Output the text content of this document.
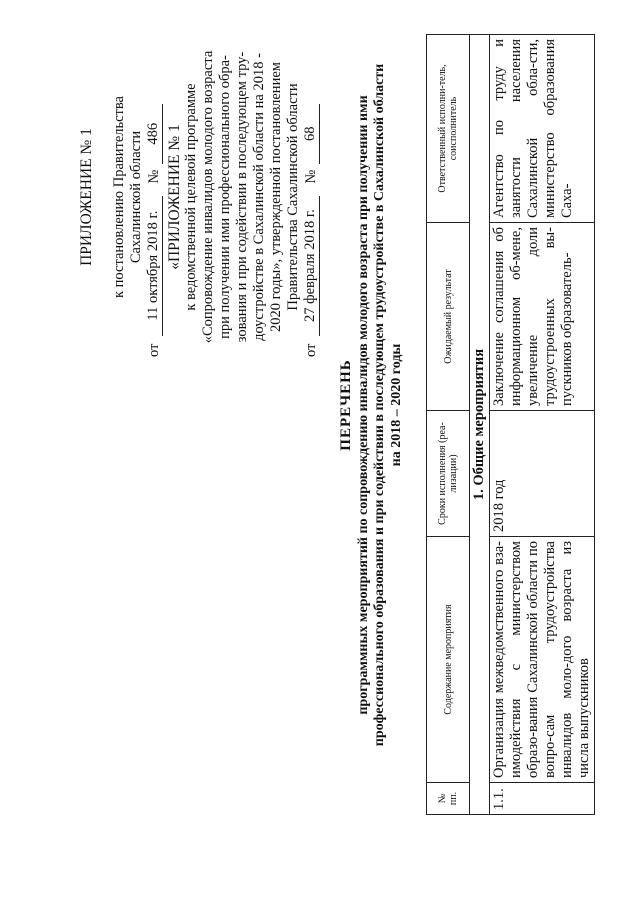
ПРИЛОЖЕНИЕ № 1 к постановлению Правительства Сахалинской области
от
11 октября 2018 г.
№
486 «ПРИЛОЖЕНИЕ № 1 к ведомственной целевой программе «Сопровождение инвалидов молодого возраста при получении ими профессионального обра- зования и при содействии в последующем тру- доустройстве в Сахалинской области на 2018 - 2020 годы», утвержденной постановлением Правительства Сахалинской области
от
27 февраля 2018 г.
№
68
ПЕРЕЧЕНЬ программных мероприятий по сопровождению инвалидов молодого возраста при получении ими профессионального образования и при содействии в последующем трудоустройстве в Сахалинской области на 2018 – 2020 годы
№ пп.	Содержание мероприятия	Сроки исполнения (реа-лизации)	Ожидаемый результат	Ответственный исполни-тель, соисполнитель
1. Общие мероприятия				
1.1.	Организация межведомственного вза-имодействия с министерством образо-вания Сахалинской области по вопро-сам трудоустройства инвалидов моло-дого возраста из числа выпускников	2018 год	Заключение соглашения об информационном об-мене, увеличение доли трудоустроенных вы-пускников образователь-	Агентство по труду и занятости населения Сахалинской обла-сти, министерство образования Саха-
